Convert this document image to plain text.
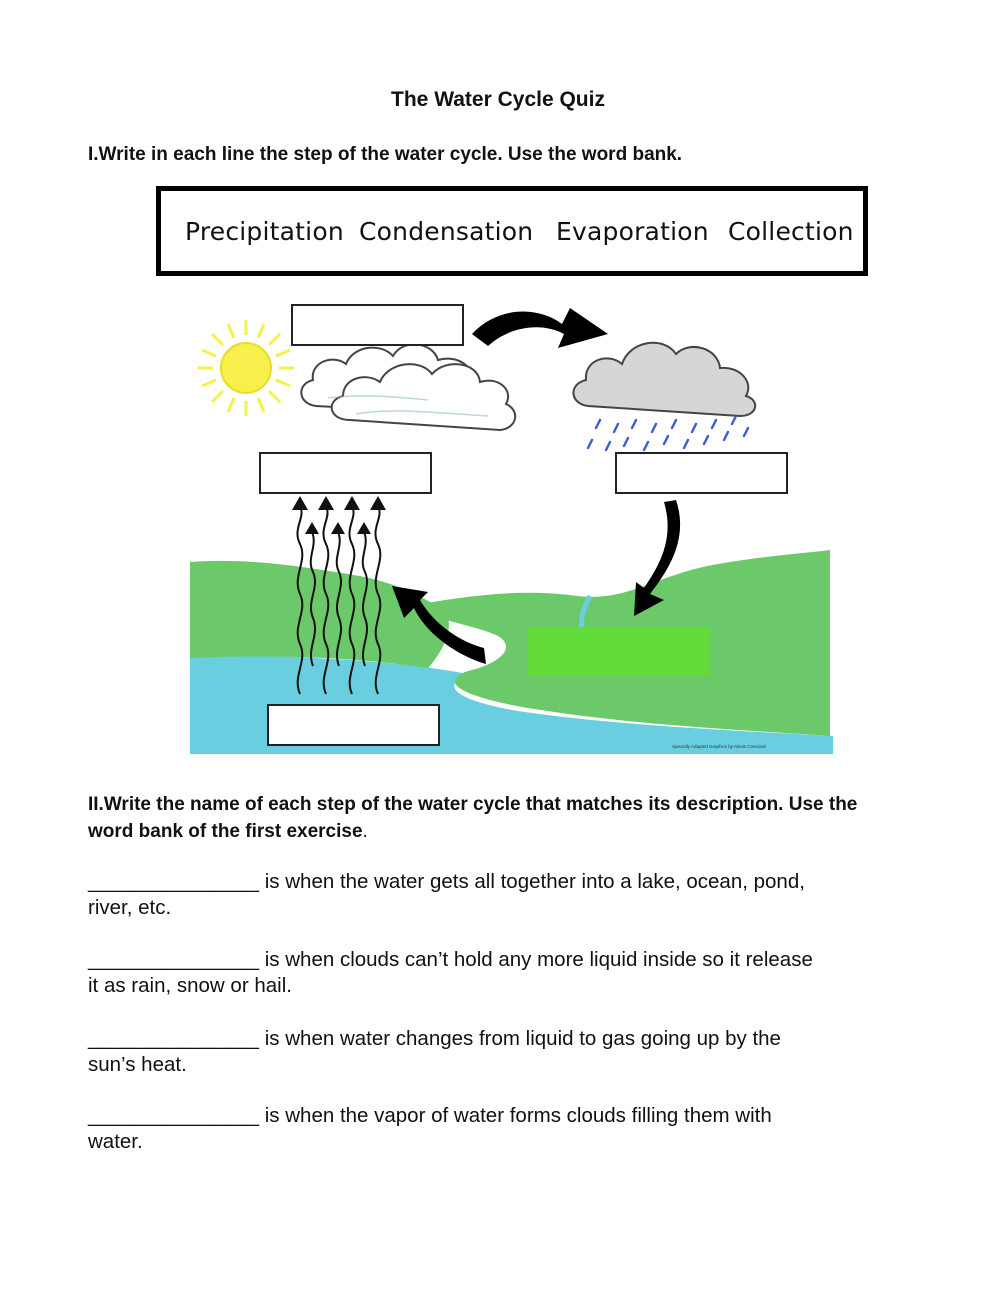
The Water Cycle Quiz
I.Write in each line the step of the water cycle. Use the word bank.
Precipitation Condensation Evaporation Collection
Specially Adapted Graphics by Alexis Crescioni
II.Write the name of each step of the water cycle that matches its description. Use the word bank of the first exercise.
_______________ is when the water gets all together into a lake, ocean, pond,
river, etc.
_______________ is when clouds can’t hold any more liquid inside so it release
it as rain, snow or hail.
_______________ is when water changes from liquid to gas going up by the
sun’s heat.
_______________ is when the vapor of water forms clouds filling them with
water.
